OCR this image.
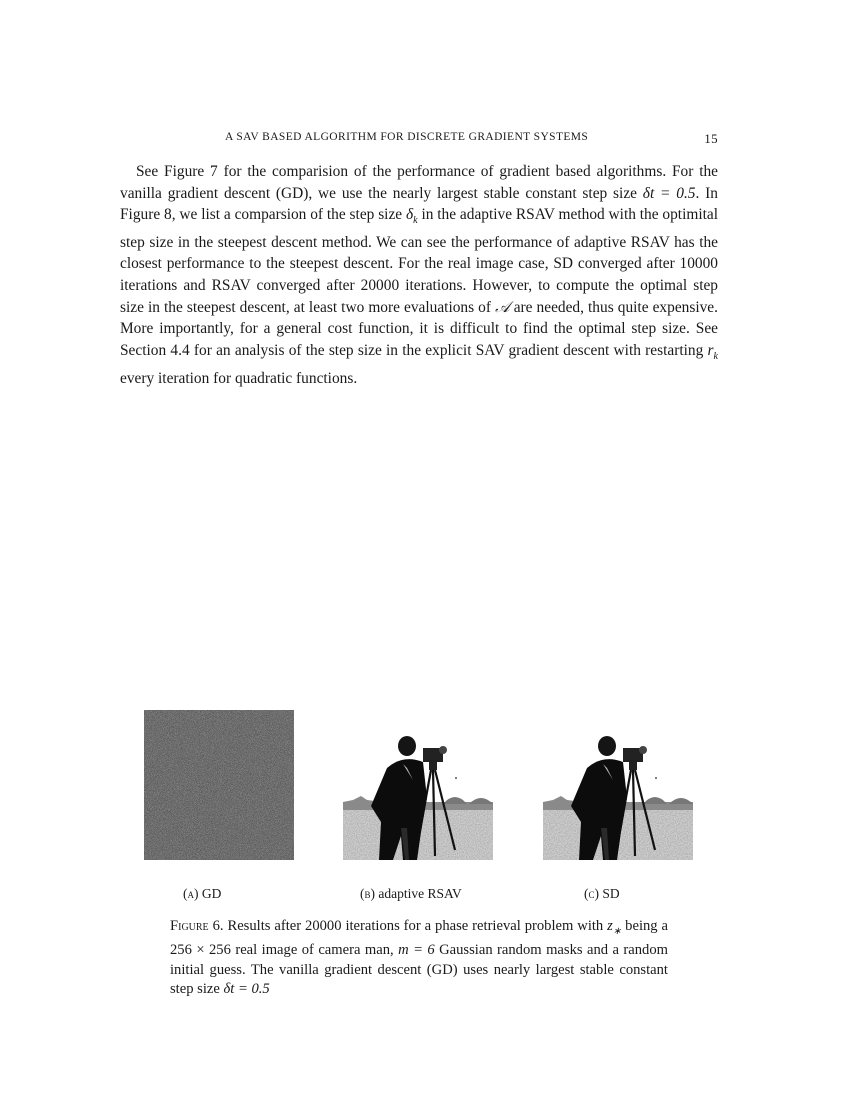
A SAV BASED ALGORITHM FOR DISCRETE GRADIENT SYSTEMS	15

See Figure 7 for the comparision of the performance of gradient based algorithms. For the vanilla gradient descent (GD), we use the nearly largest stable constant step size δt = 0.5. In Figure 8, we list a comparsion of the step size $\delta_k$ in the adaptive RSAV method with the optimital step size in the steepest descent method. We can see the performance of adaptive RSAV has the closest performance to the steepest descent. For the real image case, SD converged after 10000 iterations and RSAV converged after 20000 iterations. However, to compute the optimal step size in the steepest descent, at least two more evaluations of 𝒜 are needed, thus quite expensive. More importantly, for a general cost function, it is difficult to find the optimal step size. See Section 4.4 for an analysis of the step size in the explicit SAV gradient descent with restarting $r_k$ every iteration for quadratic functions.

(a) GD	(b) adaptive RSAV	(c) SD
Figure 6. Results after 20000 iterations for a phase retrieval problem with $z_∗$ being a 256 × 256 real image of camera man, m = 6 Gaussian random masks and a random initial guess. The vanilla gradient descent (GD) uses nearly largest stable constant step size δt = 0.5
